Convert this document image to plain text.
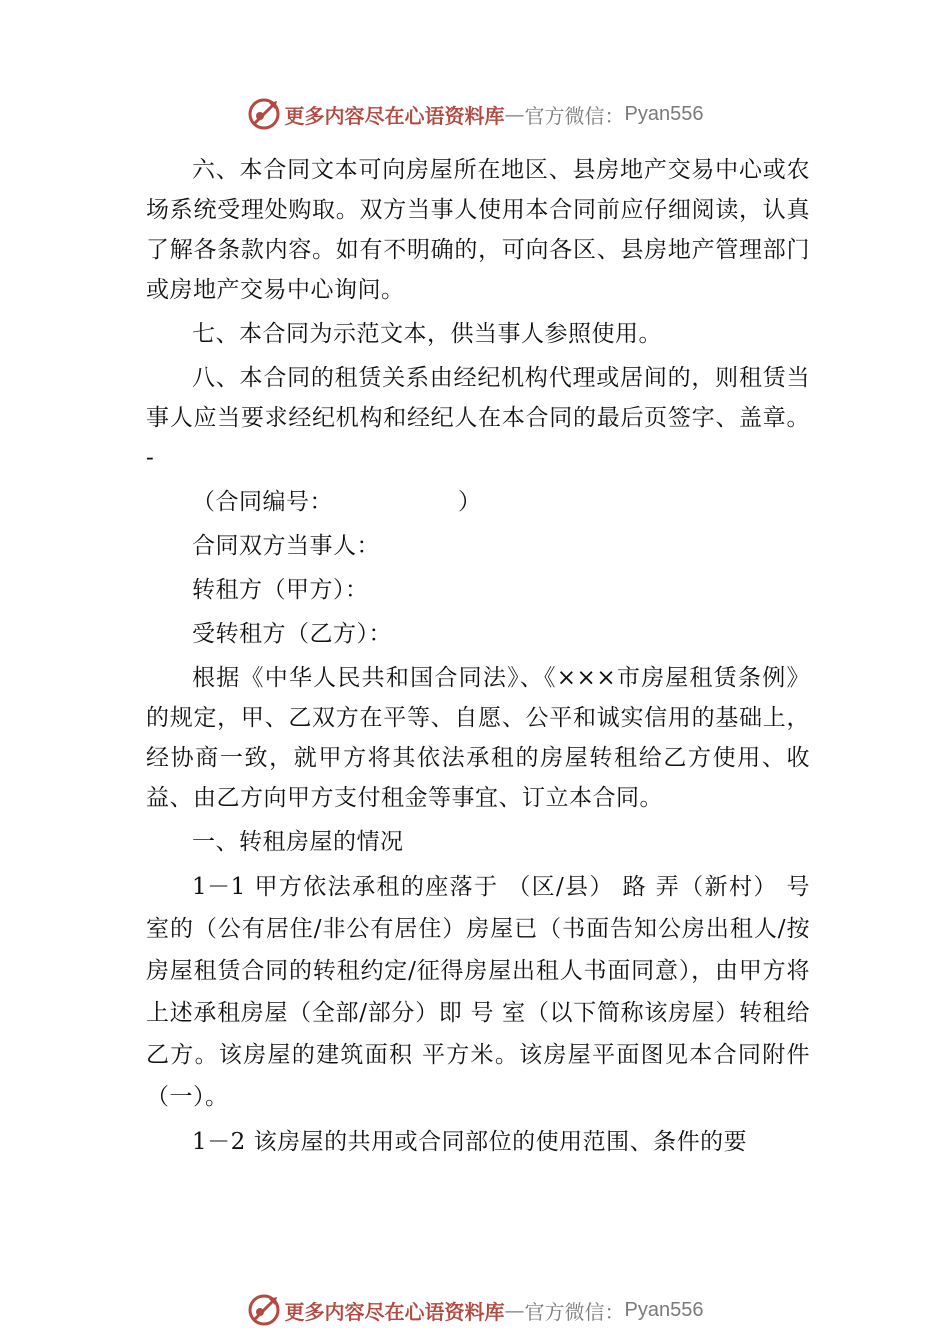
更多内容尽在心语资料库 — 官方微信： Pyan556

六、本合同文本可向房屋所在地区、县房地产交易中心或农场系统受理处购取。双方当事人使用本合同前应仔细阅读，认真了解各条款内容。如有不明确的，可向各区、县房地产管理部门或房地产交易中心询问。

七、本合同为示范文本，供当事人参照使用。

八、本合同的租赁关系由经纪机构代理或居间的，则租赁当事人应当要求经纪机构和经纪人在本合同的最后页签字、盖章。 -

（合同编号：                ）

合同双方当事人：

转租方（甲方）：

受转租方（乙方）：

根据《中华人民共和国合同法》、《×××市房屋租赁条例》的规定，甲、乙双方在平等、自愿、公平和诚实信用的基础上，经协商一致，就甲方将其依法承租的房屋转租给乙方使用、收益、由乙方向甲方支付租金等事宜、订立本合同。

一、转租房屋的情况

1－1 甲方依法承租的座落于 （区/县） 路 弄（新村） 号 室的（公有居住/非公有居住）房屋已（书面告知公房出租人/按房屋租赁合同的转租约定/征得房屋出租人书面同意），由甲方将上述承租房屋（全部/部分）即 号 室（以下简称该房屋）转租给乙方。该房屋的建筑面积 平方米。该房屋平面图见本合同附件（一）。

1－2 该房屋的共用或合同部位的使用范围、条件的要

更多内容尽在心语资料库 — 官方微信： Pyan556
